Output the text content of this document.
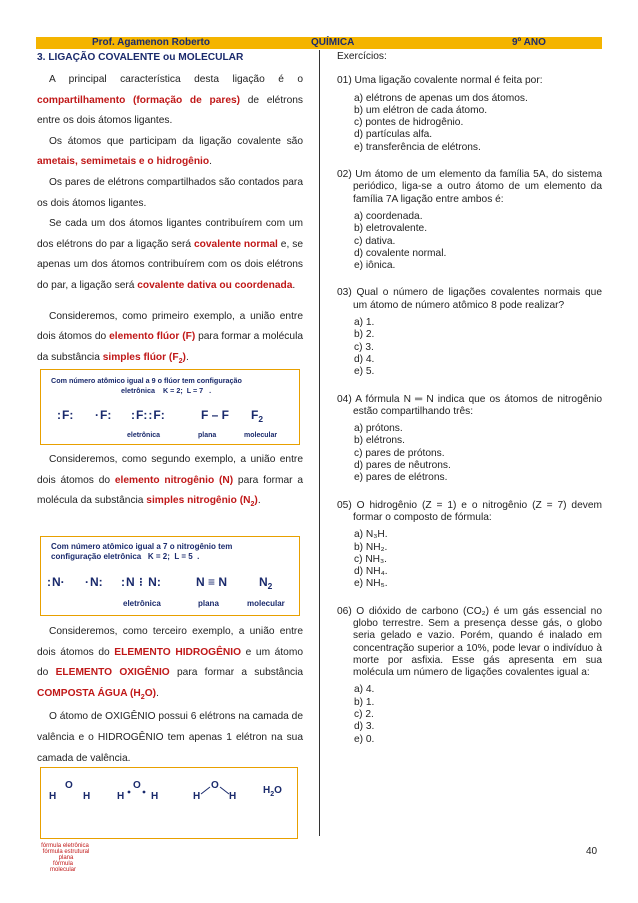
Prof. Agamenon Roberto	QUÍMICA	9º ANO

3. LIGAÇÃO COVALENTE ou MOLECULAR

A principal característica desta ligação é o compartilhamento (formação de pares) de elétrons entre os dois átomos ligantes.

Os átomos que participam da ligação covalente são ametais, semimetais e o hidrogênio.

Os pares de elétrons compartilhados são contados para os dois átomos ligantes.

Se cada um dos átomos ligantes contribuírem com um dos elétrons do par a ligação será covalente normal e, se apenas um dos átomos contribuírem com os dois elétrons do par, a ligação será covalente dativa ou coordenada.

Consideremos, como primeiro exemplo, a união entre dois átomos do elemento flúor (F) para formar a molécula da substância simples flúor $(F_2)$.

Com número atômico igual a 9 o flúor tem configuração
eletrônica    K = 2;  L = 7   .
:F: ·F: :F::F:	F – F $F_2$
eletrônica	plana	molecular

Consideremos, como segundo exemplo, a união entre dois átomos do elemento nitrogênio (N) para formar a molécula da substância simples nitrogênio $(N_2)$.

Com número atômico igual a 7 o nitrogênio tem
configuração eletrônica   K = 2;  L = 5  .
:N· ·N: :N ⁝ N:	N ≡ N	$N_2$
eletrônica	plana	molecular

Consideremos, como terceiro exemplo, a união entre dois átomos do ELEMENTO HIDROGÊNIO e um átomo do ELEMENTO OXIGÊNIO para formar a substância COMPOSTA ÁGUA $(H_2O)$.

O átomo de OXIGÊNIO possui 6 elétrons na camada de valência e o HIDROGÊNIO tem apenas 1 elétron na sua camada de valência.

H
O
H	H
O
H	H
O
H
$H_2O$
fórmula eletrônica
fórmula estrutural plana
fórmula molecular
Exercícios:
01) Uma ligação covalente normal é feita por:
a) elétrons de apenas um dos átomos.
b) um elétron de cada átomo.
c) pontes de hidrogênio.
d) partículas alfa.
e) transferência de elétrons.
02) Um átomo de um elemento da família 5A, do sistema periódico, liga-se a outro átomo de um elemento da família 7A ligação entre ambos é:
a) coordenada.
b) eletrovalente.
c) dativa.
d) covalente normal.
e) iônica.
03) Qual o número de ligações covalentes normais que um átomo de número atômico 8 pode realizar?
a) 1.
b) 2.
c) 3.
d) 4.
e) 5.
04) A fórmula N ═ N indica que os átomos de nitrogênio estão compartilhando três:
a) prótons.
b) elétrons.
c) pares de prótons.
d) pares de nêutrons.
e) pares de elétrons.
05) O hidrogênio (Z = 1) e o nitrogênio (Z = 7) devem formar o composto de fórmula:
a) N₃H.
b) NH₂.
c) NH₃.
d) NH₄.
e) NH₅.
06) O dióxido de carbono (CO₂) é um gás essencial no globo terrestre. Sem a presença desse gás, o globo seria gelado e vazio. Porém, quando é inalado em concentração superior a 10%, pode levar o indivíduo à morte por asfixia. Esse gás apresenta em sua molécula um número de ligações covalentes igual a:
a) 4.
b) 1.
c) 2.
d) 3.
e) 0.
40
